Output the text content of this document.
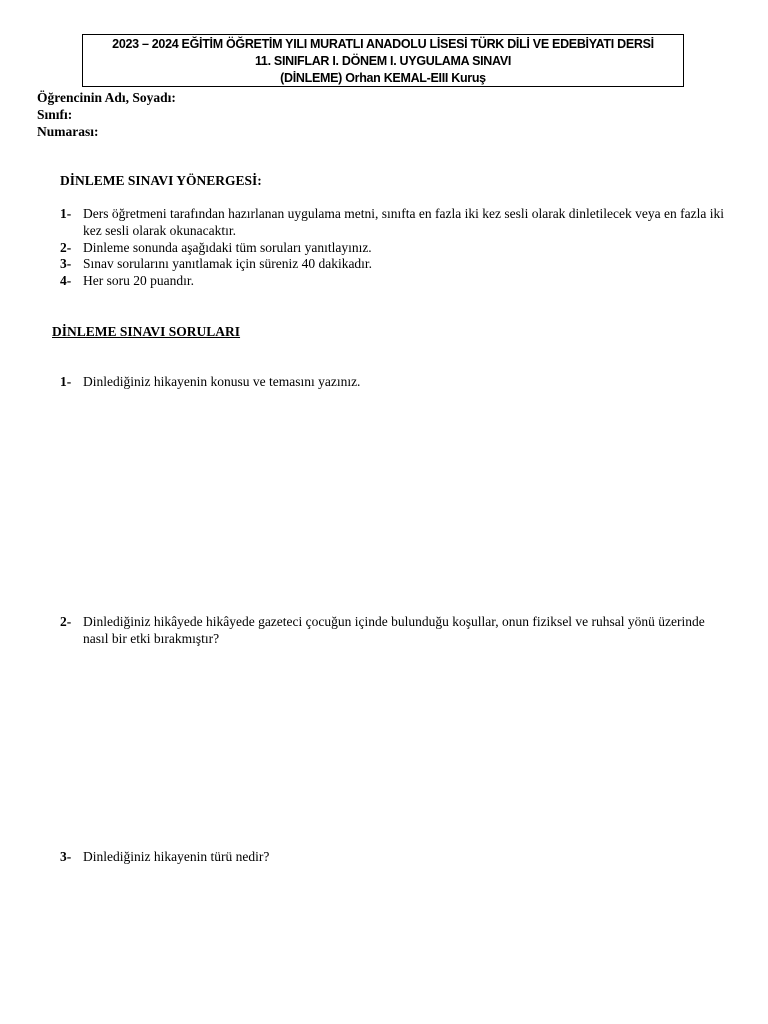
2023 – 2024 EĞİTİM ÖĞRETİM YILI MURATLI ANADOLU LİSESİ TÜRK DİLİ VE EDEBİYATI DERSİ
11. SINIFLAR I. DÖNEM I. UYGULAMA SINAVI
(DİNLEME) Orhan KEMAL-EIII Kuruş
Öğrencinin Adı, Soyadı:
Sınıfı:
Numarası:
DİNLEME SINAVI YÖNERGESİ:
1- Ders öğretmeni tarafından hazırlanan uygulama metni, sınıfta en fazla iki kez sesli olarak dinletilecek veya en fazla iki kez sesli olarak okunacaktır.
2- Dinleme sonunda aşağıdaki tüm soruları yanıtlayınız.
3- Sınav sorularını yanıtlamak için süreniz 40 dakikadır.
4- Her soru 20 puandır.
DİNLEME SINAVI SORULARI
1- Dinlediğiniz hikayenin konusu ve temasını yazınız.
2- Dinlediğiniz hikâyede hikâyede gazeteci çocuğun içinde bulunduğu koşullar, onun fiziksel ve ruhsal yönü üzerinde nasıl bir etki bırakmıştır?
3- Dinlediğiniz hikayenin türü nedir?
